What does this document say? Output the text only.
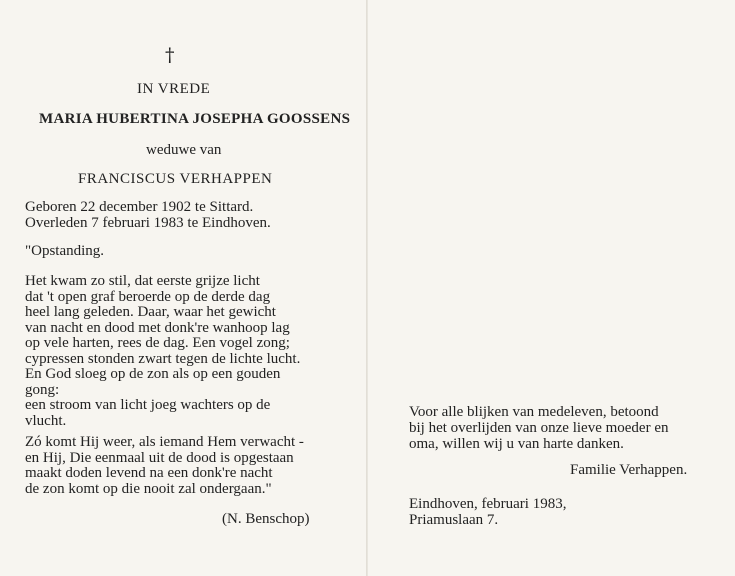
†
IN VREDE
MARIA HUBERTINA JOSEPHA GOOSSENS
weduwe van
FRANCISCUS VERHAPPEN
Geboren 22 december 1902 te Sittard.
Overleden 7 februari 1983 te Eindhoven.
"Opstanding.
Het kwam zo stil, dat eerste grijze licht
dat 't open graf beroerde op de derde dag
heel lang geleden. Daar, waar het gewicht
van nacht en dood met donk're wanhoop lag
op vele harten, rees de dag. Een vogel zong;
cypressen stonden zwart tegen de lichte lucht.
En God sloeg op de zon als op een gouden
gong:
een stroom van licht joeg wachters op de
vlucht.
Zó komt Hij weer, als iemand Hem verwacht -
en Hij, Die eenmaal uit de dood is opgestaan
maakt doden levend na een donk're nacht
de zon komt op die nooit zal ondergaan."
(N. Benschop)
Voor alle blijken van medeleven, betoond
bij het overlijden van onze lieve moeder en
oma, willen wij u van harte danken.
Familie Verhappen.
Eindhoven, februari 1983,
Priamuslaan 7.
